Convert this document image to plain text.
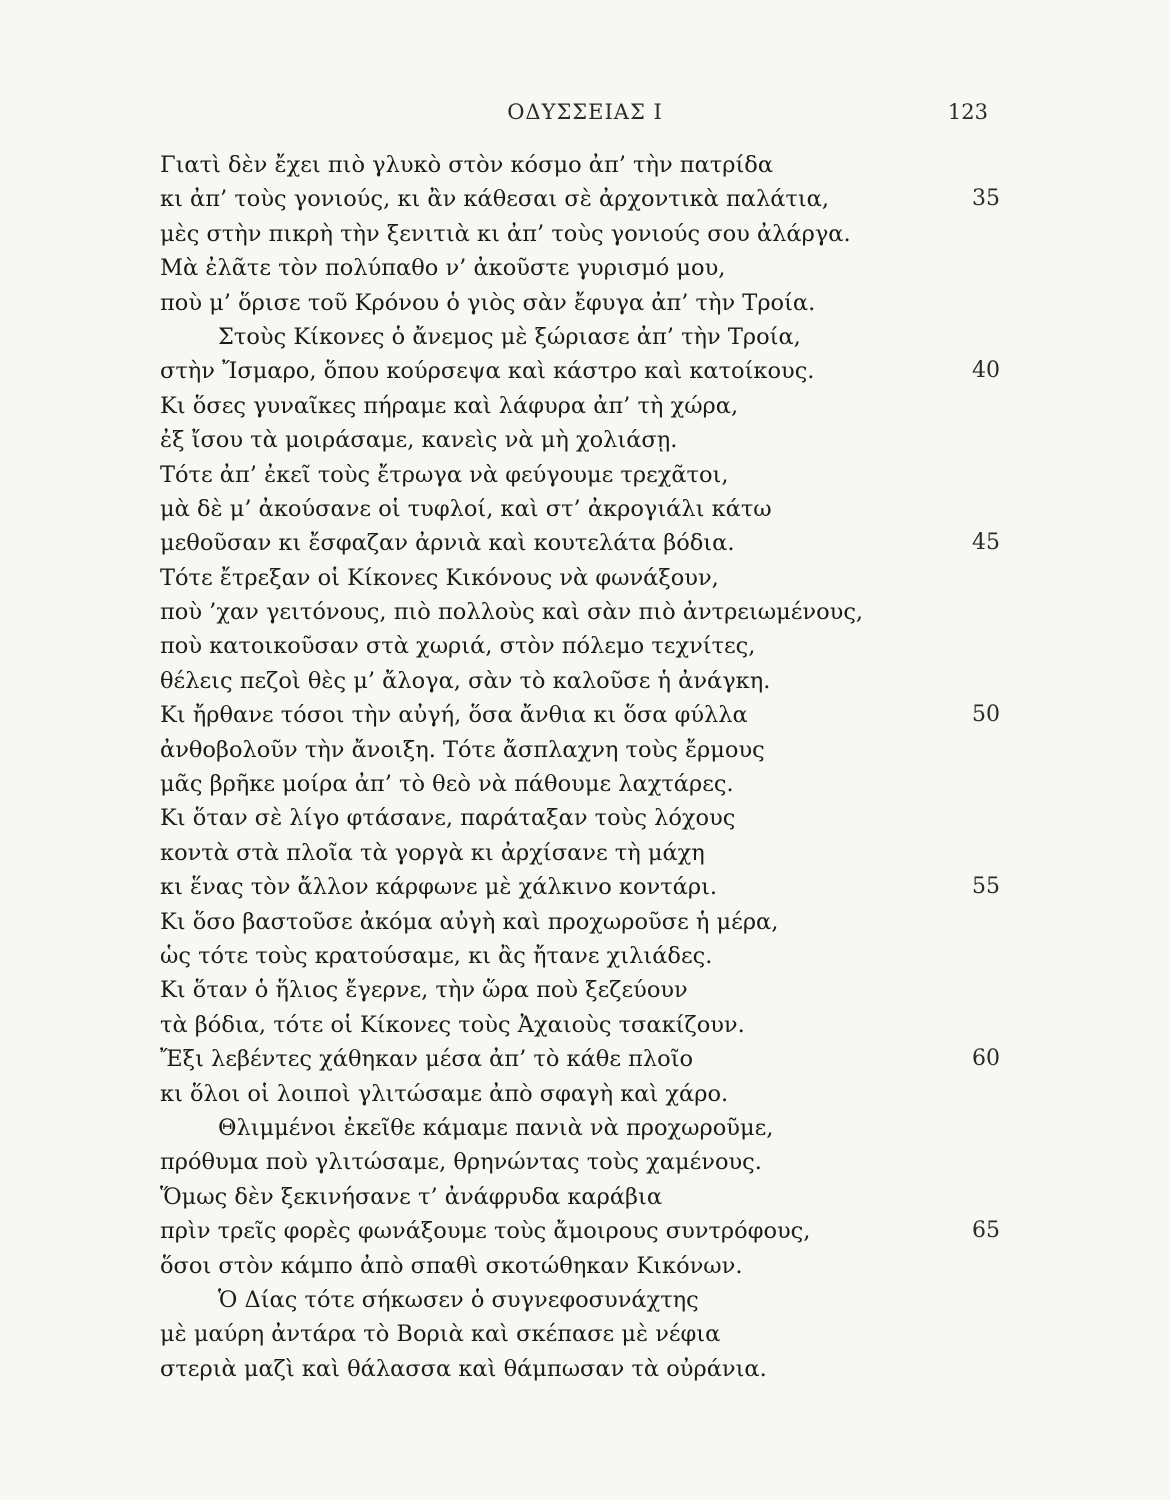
ΟΔΥΣΣΕΙΑΣ Ι	123
Γιατὶ δὲν ἔχει πιὸ γλυκὸ στὸν κόσμο ἀπ’ τὴν πατρίδα
κι ἀπ’ τοὺς γονιούς, κι ἂν κάθεσαι σὲ ἀρχοντικὰ παλάτια,	35
μὲς στὴν πικρὴ τὴν ξενιτιὰ κι ἀπ’ τοὺς γονιούς σου ἀλάργα.
Μὰ ἐλᾶτε τὸν πολύπαθο ν’ ἀκοῦστε γυρισμό μου,
ποὺ μ’ ὅρισε τοῦ Κρόνου ὁ γιὸς σὰν ἔφυγα ἀπ’ τὴν Τροία.
Στοὺς Κίκονες ὁ ἄνεμος μὲ ξώριασε ἀπ’ τὴν Τροία,
στὴν Ἴσμαρο, ὅπου κούρσεψα καὶ κάστρο καὶ κατοίκους.	40
Κι ὅσες γυναῖκες πήραμε καὶ λάφυρα ἀπ’ τὴ χώρα,
ἐξ ἴσου τὰ μοιράσαμε, κανεὶς νὰ μὴ χολιάσῃ.
Τότε ἀπ’ ἐκεῖ τοὺς ἔτρωγα νὰ φεύγουμε τρεχᾶτοι,
μὰ δὲ μ’ ἀκούσανε οἱ τυφλοί, καὶ στ’ ἀκρογιάλι κάτω
μεθοῦσαν κι ἔσφαζαν ἀρνιὰ καὶ κουτελάτα βόδια.	45
Τότε ἔτρεξαν οἱ Κίκονες Κικόνους νὰ φωνάξουν,
ποὺ ’χαν γειτόνους, πιὸ πολλοὺς καὶ σὰν πιὸ ἀντρειωμένους,
ποὺ κατοικοῦσαν στὰ χωριά, στὸν πόλεμο τεχνίτες,
θέλεις πεζοὶ θὲς μ’ ἄλογα, σὰν τὸ καλοῦσε ἡ ἀνάγκη.
Κι ἤρθανε τόσοι τὴν αὐγή, ὅσα ἄνθια κι ὅσα φύλλα	50
ἀνθοβολοῦν τὴν ἄνοιξη. Τότε ἄσπλαχνη τοὺς ἔρμους
μᾶς βρῆκε μοίρα ἀπ’ τὸ θεὸ νὰ πάθουμε λαχτάρες.
Κι ὅταν σὲ λίγο φτάσανε, παράταξαν τοὺς λόχους
κοντὰ στὰ πλοῖα τὰ γοργὰ κι ἀρχίσανε τὴ μάχη
κι ἕνας τὸν ἄλλον κάρφωνε μὲ χάλκινο κοντάρι.	55
Κι ὅσο βαστοῦσε ἀκόμα αὐγὴ καὶ προχωροῦσε ἡ μέρα,
ὡς τότε τοὺς κρατούσαμε, κι ἂς ἤτανε χιλιάδες.
Κι ὅταν ὁ ἥλιος ἔγερνε, τὴν ὥρα ποὺ ξεζεύουν
τὰ βόδια, τότε οἱ Κίκονες τοὺς Ἀχαιοὺς τσακίζουν.
Ἔξι λεβέντες χάθηκαν μέσα ἀπ’ τὸ κάθε πλοῖο	60
κι ὅλοι οἱ λοιποὶ γλιτώσαμε ἀπὸ σφαγὴ καὶ χάρο.
Θλιμμένοι ἐκεῖθε κάμαμε πανιὰ νὰ προχωροῦμε,
πρόθυμα ποὺ γλιτώσαμε, θρηνώντας τοὺς χαμένους.
Ὅμως δὲν ξεκινήσανε τ’ ἀνάφρυδα καράβια
πρὶν τρεῖς φορὲς φωνάξουμε τοὺς ἄμοιρους συντρόφους,	65
ὅσοι στὸν κάμπο ἀπὸ σπαθὶ σκοτώθηκαν Κικόνων.
Ὁ Δίας τότε σήκωσεν ὁ συγνεφοσυνάχτης
μὲ μαύρη ἀντάρα τὸ Βοριὰ καὶ σκέπασε μὲ νέφια
στεριὰ μαζὶ καὶ θάλασσα καὶ θάμπωσαν τὰ οὐράνια.
